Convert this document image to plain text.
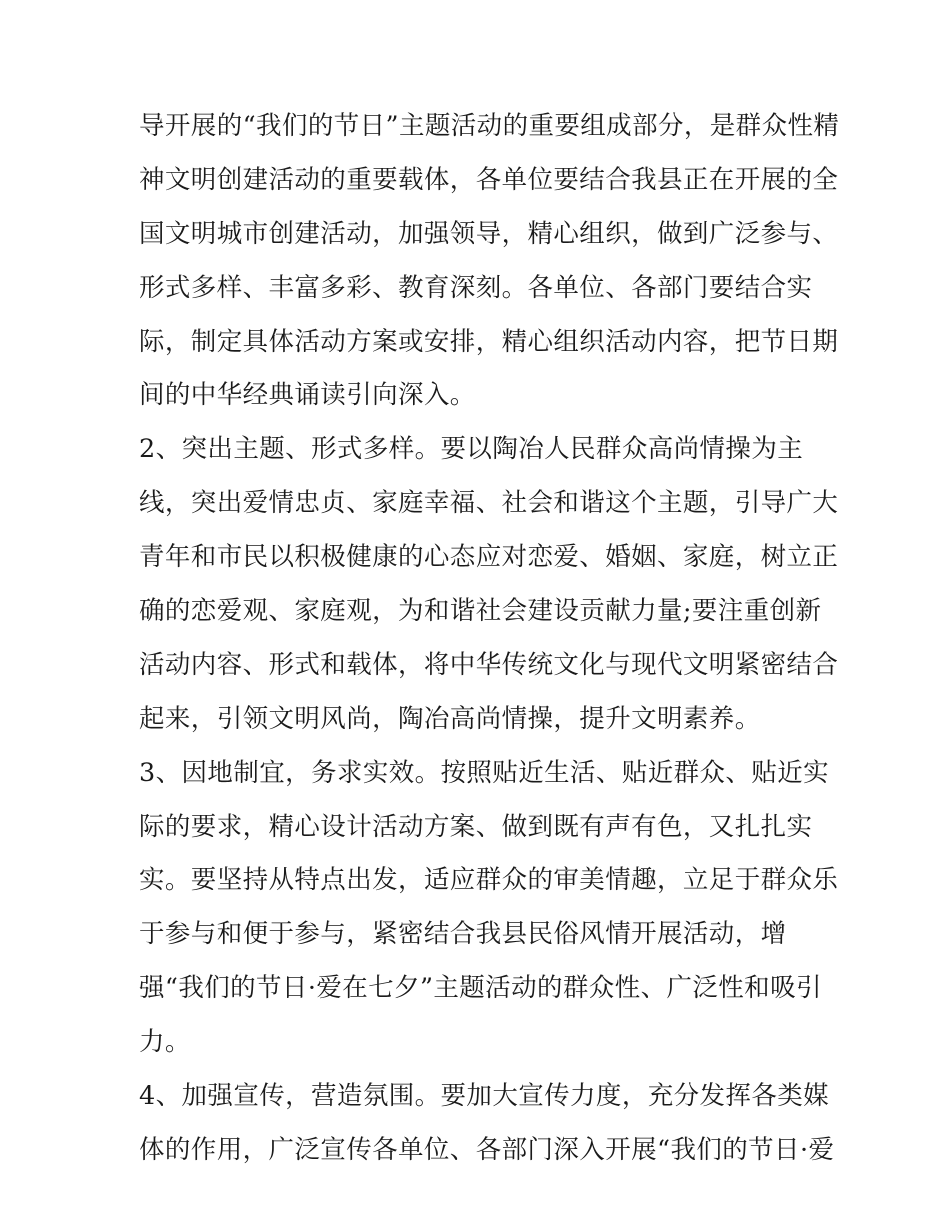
导开展的“我们的节日”主题活动的重要组成部分，是群众性精
神文明创建活动的重要载体，各单位要结合我县正在开展的全
国文明城市创建活动，加强领导，精心组织，做到广泛参与、
形式多样、丰富多彩、教育深刻。各单位、各部门要结合实
际，制定具体活动方案或安排，精心组织活动内容，把节日期
间的中华经典诵读引向深入。
2、突出主题、形式多样。要以陶冶人民群众高尚情操为主
线，突出爱情忠贞、家庭幸福、社会和谐这个主题，引导广大
青年和市民以积极健康的心态应对恋爱、婚姻、家庭，树立正
确的恋爱观、家庭观，为和谐社会建设贡献力量;要注重创新
活动内容、形式和载体，将中华传统文化与现代文明紧密结合
起来，引领文明风尚，陶冶高尚情操，提升文明素养。
3、因地制宜，务求实效。按照贴近生活、贴近群众、贴近实
际的要求，精心设计活动方案、做到既有声有色，又扎扎实
实。要坚持从特点出发，适应群众的审美情趣，立足于群众乐
于参与和便于参与，紧密结合我县民俗风情开展活动，增
强“我们的节日·爱在七夕”主题活动的群众性、广泛性和吸引
力。
4、加强宣传，营造氛围。要加大宣传力度，充分发挥各类媒
体的作用，广泛宣传各单位、各部门深入开展“我们的节日·爱
